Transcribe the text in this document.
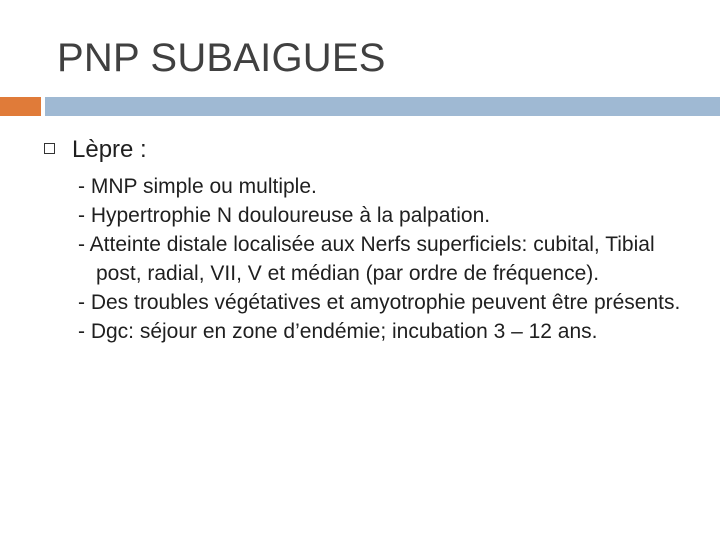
PNP SUBAIGUES

Lèpre :

- MNP simple ou multiple.
- Hypertrophie N douloureuse à la palpation.
- Atteinte distale localisée aux Nerfs superficiels: cubital, Tibial post, radial, VII, V et médian (par ordre de fréquence).
- Des troubles végétatives et amyotrophie peuvent être présents.
- Dgc: séjour en zone d’endémie; incubation 3 – 12 ans.
